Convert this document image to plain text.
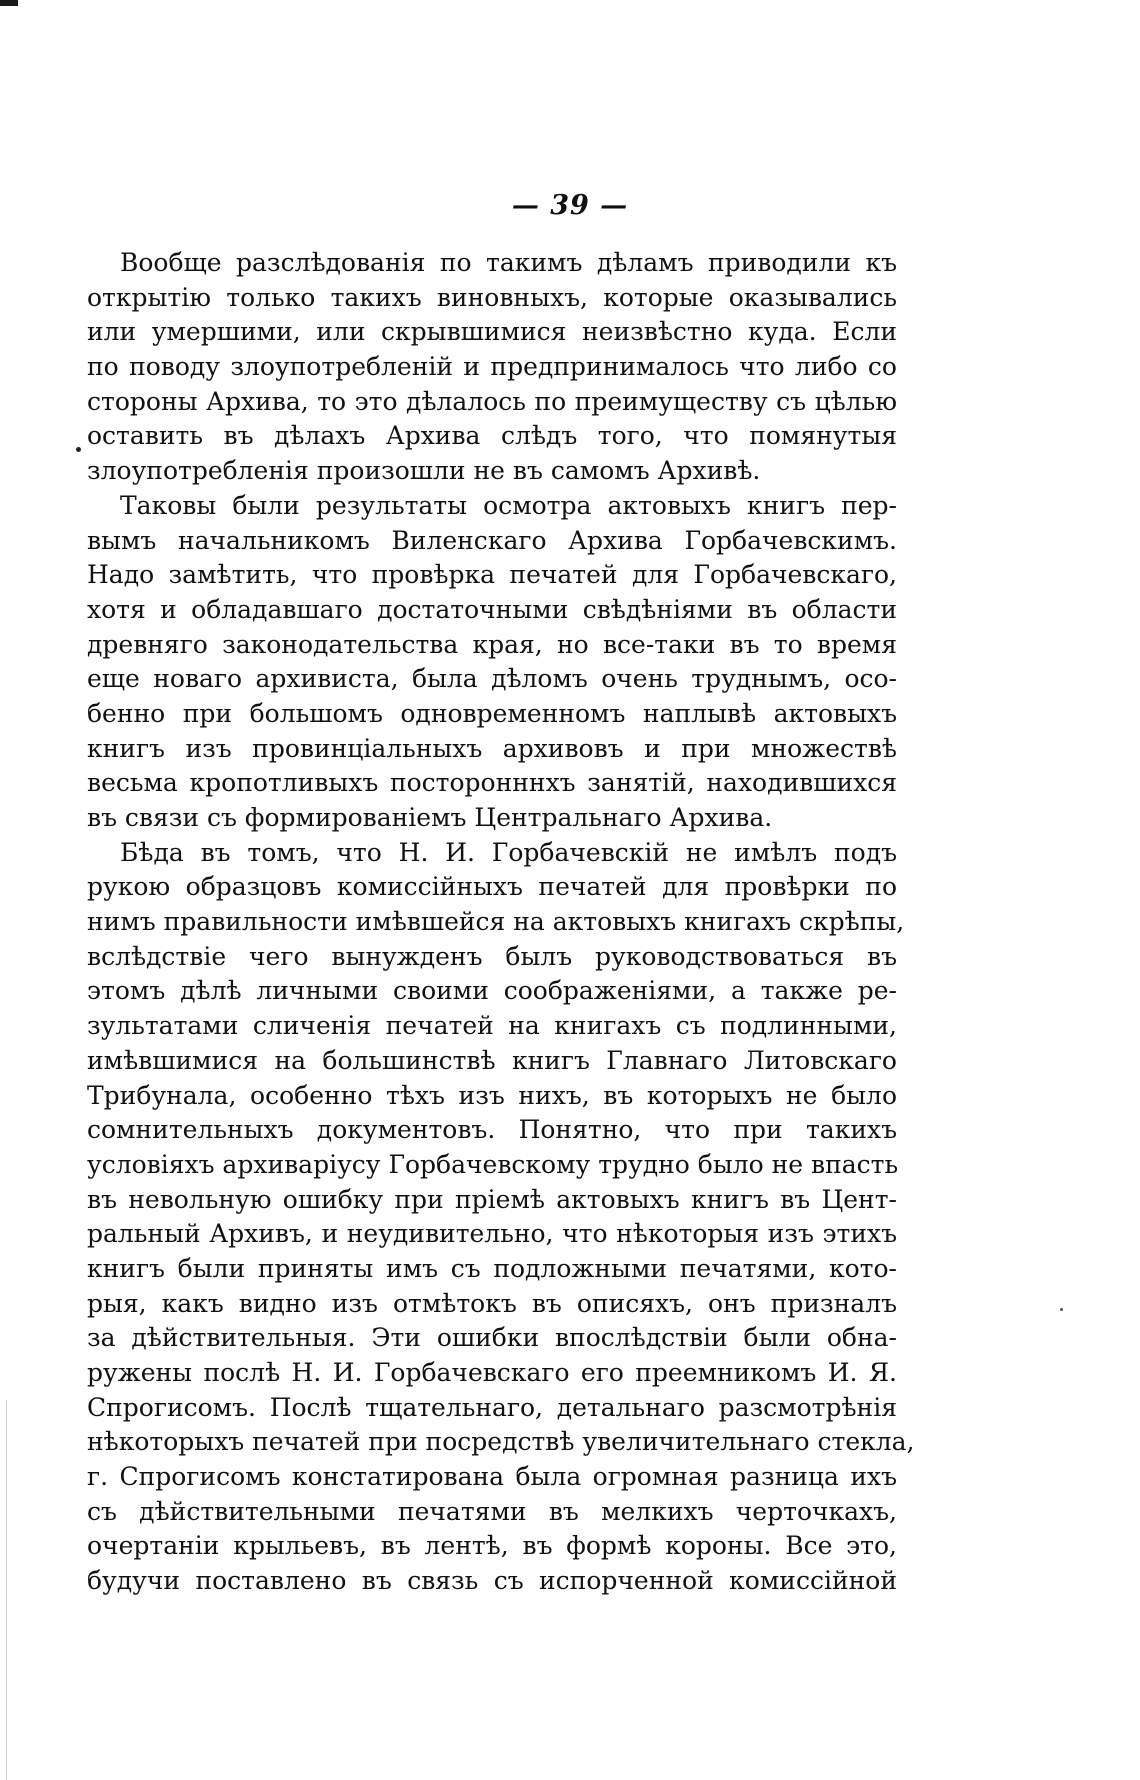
— 39 —
Вообще разслѣдованія по такимъ дѣламъ приводили къ
открытію только такихъ виновныхъ, которые оказывались
или умершими, или скрывшимися неизвѣстно куда. Если
по поводу злоупотребленій и предпринималось что либо со
стороны Архива, то это дѣлалось по преимуществу съ цѣлью
оставить въ дѣлахъ Архива слѣдъ того, что помянутыя
злоупотребленія произошли не въ самомъ Архивѣ.
Таковы были результаты осмотра актовыхъ книгъ пер-
вымъ начальникомъ Виленскаго Архива Горбачевскимъ.
Надо замѣтить, что провѣрка печатей для Горбачевскаго,
хотя и обладавшаго достаточными свѣдѣніями въ области
древняго законодательства края, но все-таки въ то время
еще новаго архивиста, была дѣломъ очень труднымъ, осо-
бенно при большомъ одновременномъ наплывѣ актовыхъ
книгъ изъ провинціальныхъ архивовъ и при множествѣ
весьма кропотливыхъ посторонннхъ занятій, находившихся
въ связи съ формированіемъ Центральнаго Архива.
Бѣда въ томъ, что Н. И. Горбачевскій не имѣлъ подъ
рукою образцовъ комиссійныхъ печатей для провѣрки по
нимъ правильности имѣвшейся на актовыхъ книгахъ скрѣпы,
вслѣдствіе чего вынужденъ былъ руководствоваться въ
этомъ дѣлѣ личными своими соображеніями, а также ре-
зультатами сличенія печатей на книгахъ съ подлинными,
имѣвшимися на большинствѣ книгъ Главнаго Литовскаго
Трибунала, особенно тѣхъ изъ нихъ, въ которыхъ не было
сомнительныхъ документовъ. Понятно, что при такихъ
условіяхъ архиваріусу Горбачевскому трудно было не впасть
въ невольную ошибку при пріемѣ актовыхъ книгъ въ Цент-
ральный Архивъ, и неудивительно, что нѣкоторыя изъ этихъ
книгъ были приняты имъ съ подложными печатями, кото-
рыя, какъ видно изъ отмѣтокъ въ описяхъ, онъ призналъ
за дѣйствительныя. Эти ошибки впослѣдствіи были обна-
ружены послѣ Н. И. Горбачевскаго его преемникомъ И. Я.
Спрогисомъ. Послѣ тщательнаго, детальнаго разсмотрѣнія
нѣкоторыхъ печатей при посредствѣ увеличительнаго стекла,
г. Спрогисомъ констатирована была огромная разница ихъ
съ дѣйствительными печатями въ мелкихъ черточкахъ,
очертаніи крыльевъ, въ лентѣ, въ формѣ короны. Все это,
будучи поставлено въ связь съ испорченной комиссійной
